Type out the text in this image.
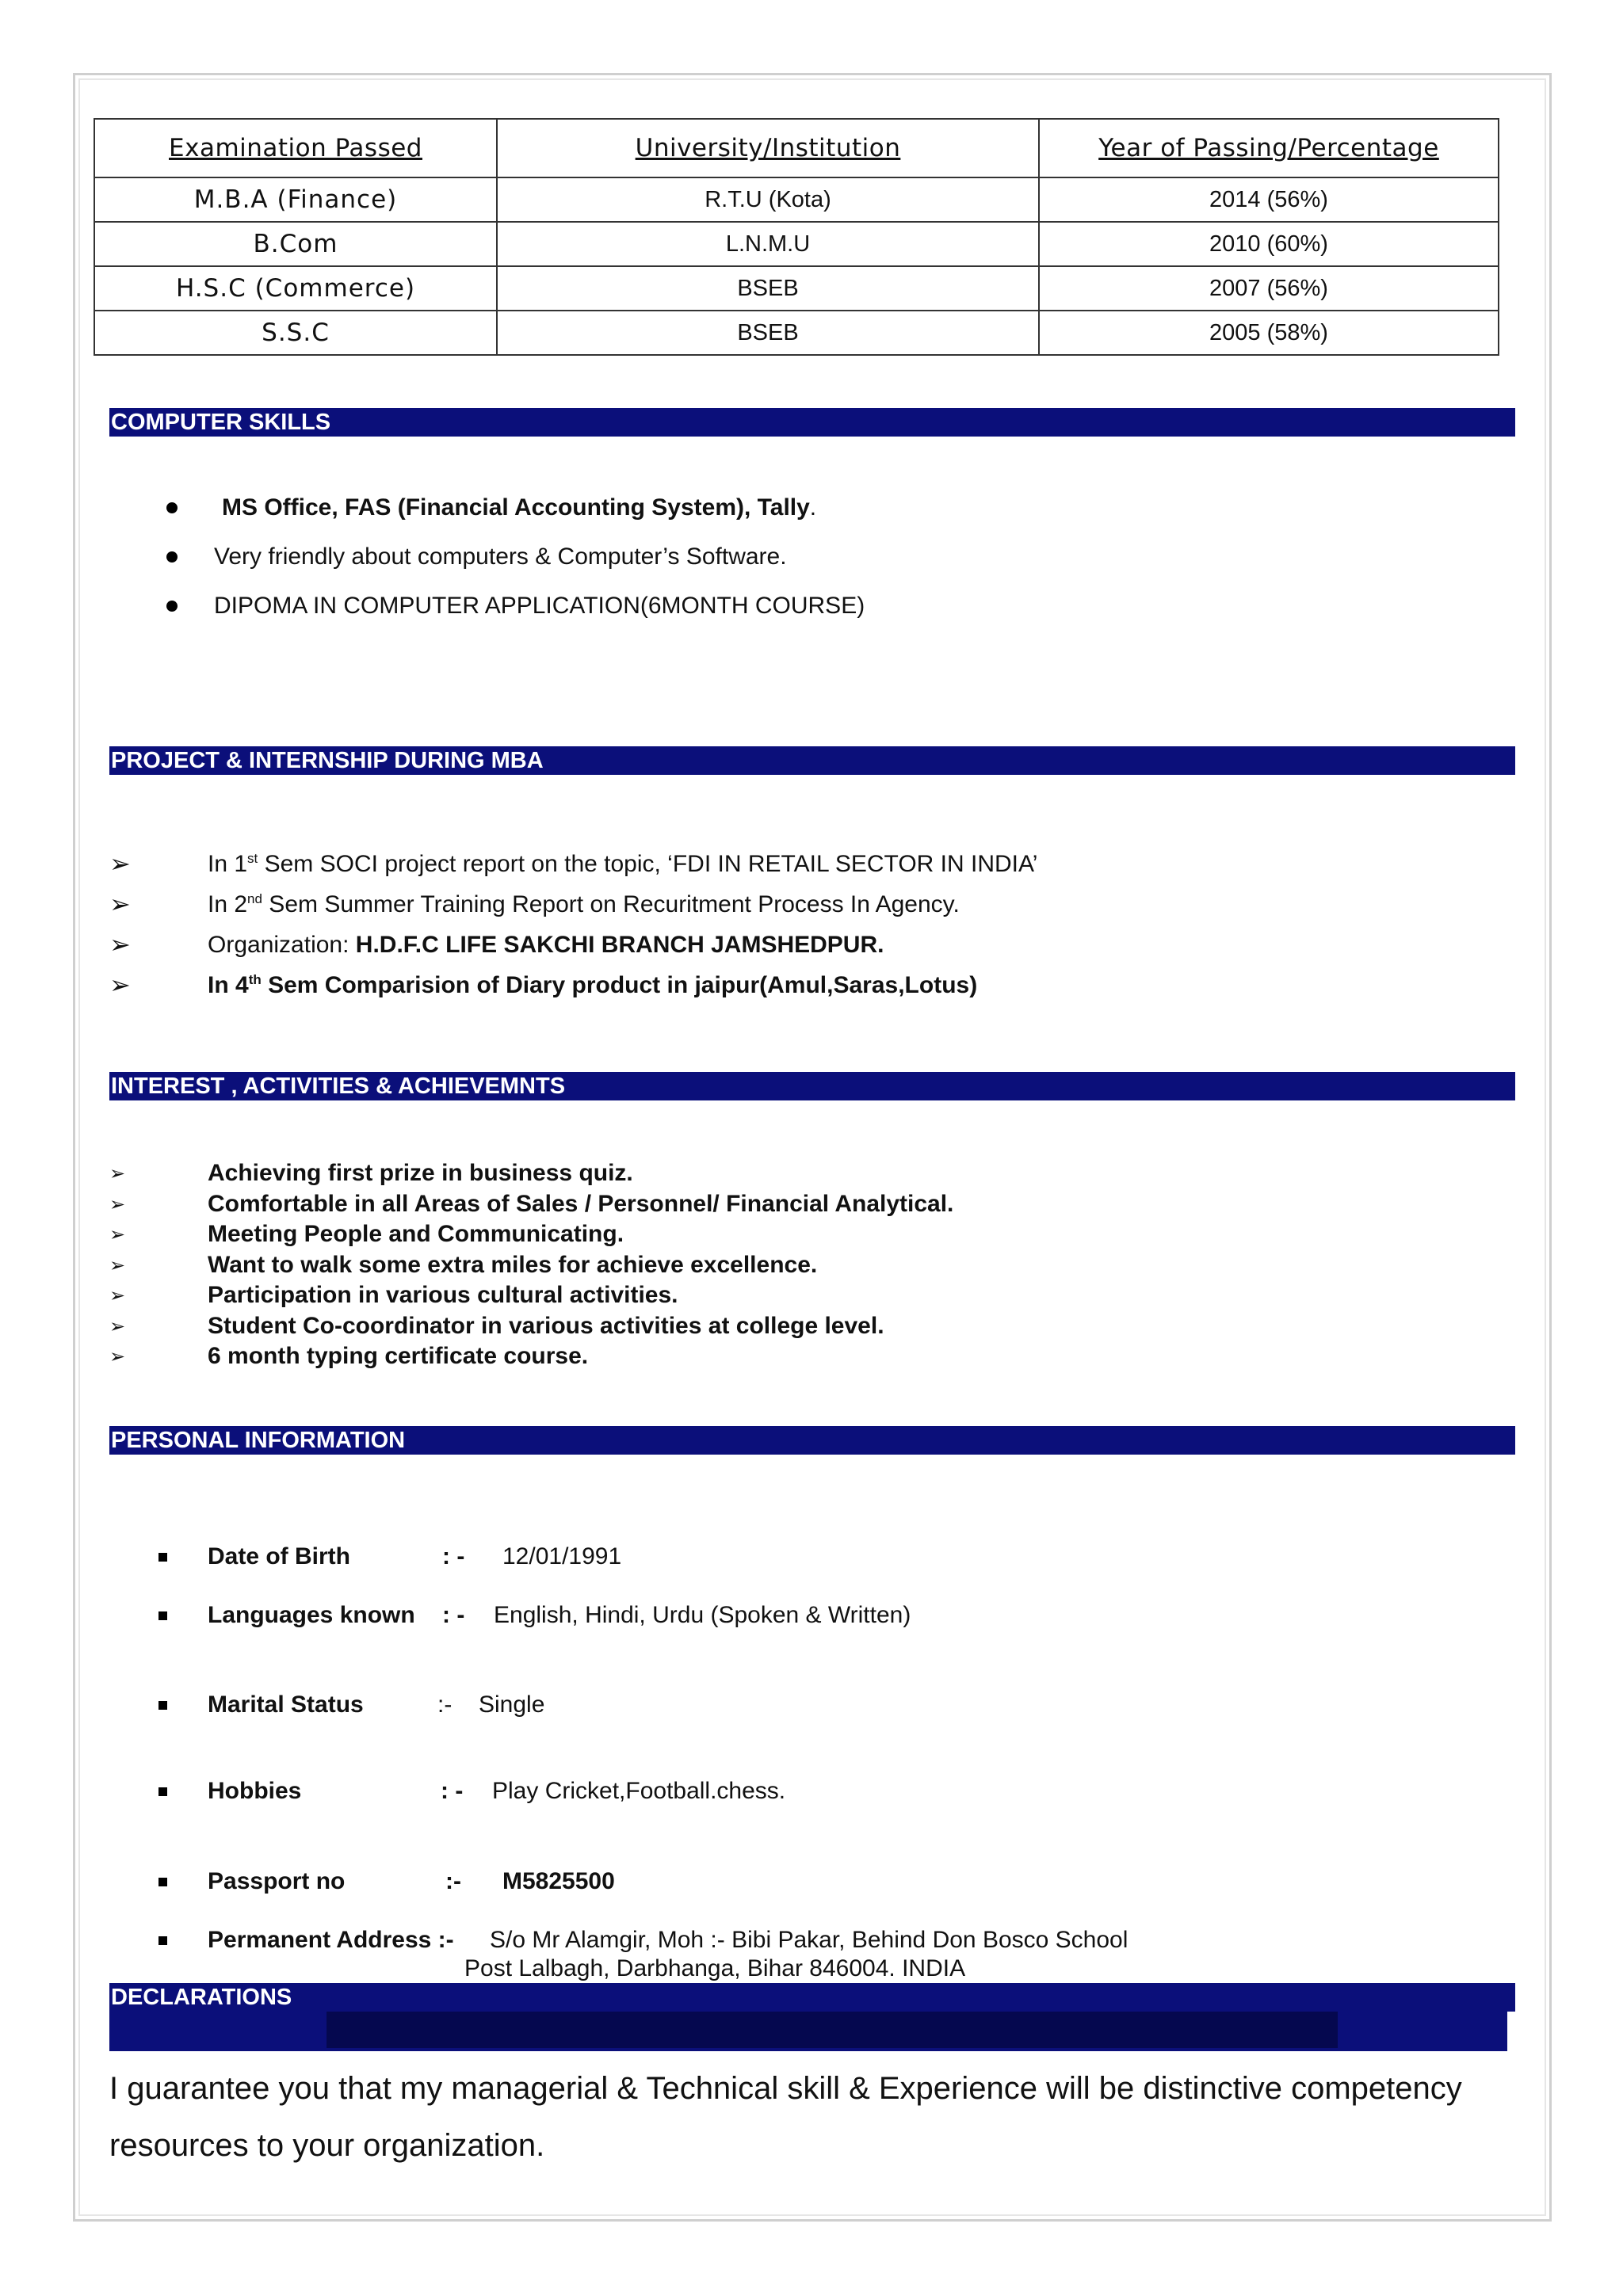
Examination Passed	University/Institution	Year of Passing/Percentage
M.B.A (Finance)	R.T.U (Kota)	2014 (56%)
B.Com	L.N.M.U	2010 (60%)
H.S.C (Commerce)	BSEB	2007 (56%)
S.S.C	BSEB	2005 (58%)
COMPUTER SKILLS
MS Office, FAS (Financial Accounting System), Tally.
Very friendly about computers & Computer’s Software.
DIPOMA IN COMPUTER APPLICATION(6MONTH COURSE)
PROJECT & INTERNSHIP DURING MBA
➢	In 1st Sem SOCI project report on the topic, ‘FDI IN RETAIL SECTOR IN INDIA’
➢	In 2nd Sem Summer Training Report on Recuritment Process In Agency.
➢	Organization: H.D.F.C LIFE SAKCHI BRANCH JAMSHEDPUR.
➢	In 4th Sem Comparision of Diary product in jaipur(Amul,Saras,Lotus)
INTEREST , ACTIVITIES & ACHIEVEMNTS
➢	Achieving first prize in business quiz.
➢	Comfortable in all Areas of Sales / Personnel/ Financial Analytical.
➢	Meeting People and Communicating.
➢	Want to walk some extra miles for achieve excellence.
➢	Participation in various cultural activities.
➢	Student Co-coordinator in various activities at college level.
➢	6 month typing certificate course.
PERSONAL INFORMATION
Date of Birth	: - 12/01/1991
Languages known : - English, Hindi, Urdu (Spoken & Written)
Marital Status	:- Single
Hobbies	: - Play Cricket,Football.chess.
Passport no	:- M5825500
Permanent Address :- S/o Mr Alamgir, Moh :- Bibi Pakar, Behind Don Bosco School
Post Lalbagh, Darbhanga, Bihar 846004. INDIA
DECLARATIONS
I guarantee you that my managerial & Technical skill & Experience will be distinctive competency resources to your organization.
